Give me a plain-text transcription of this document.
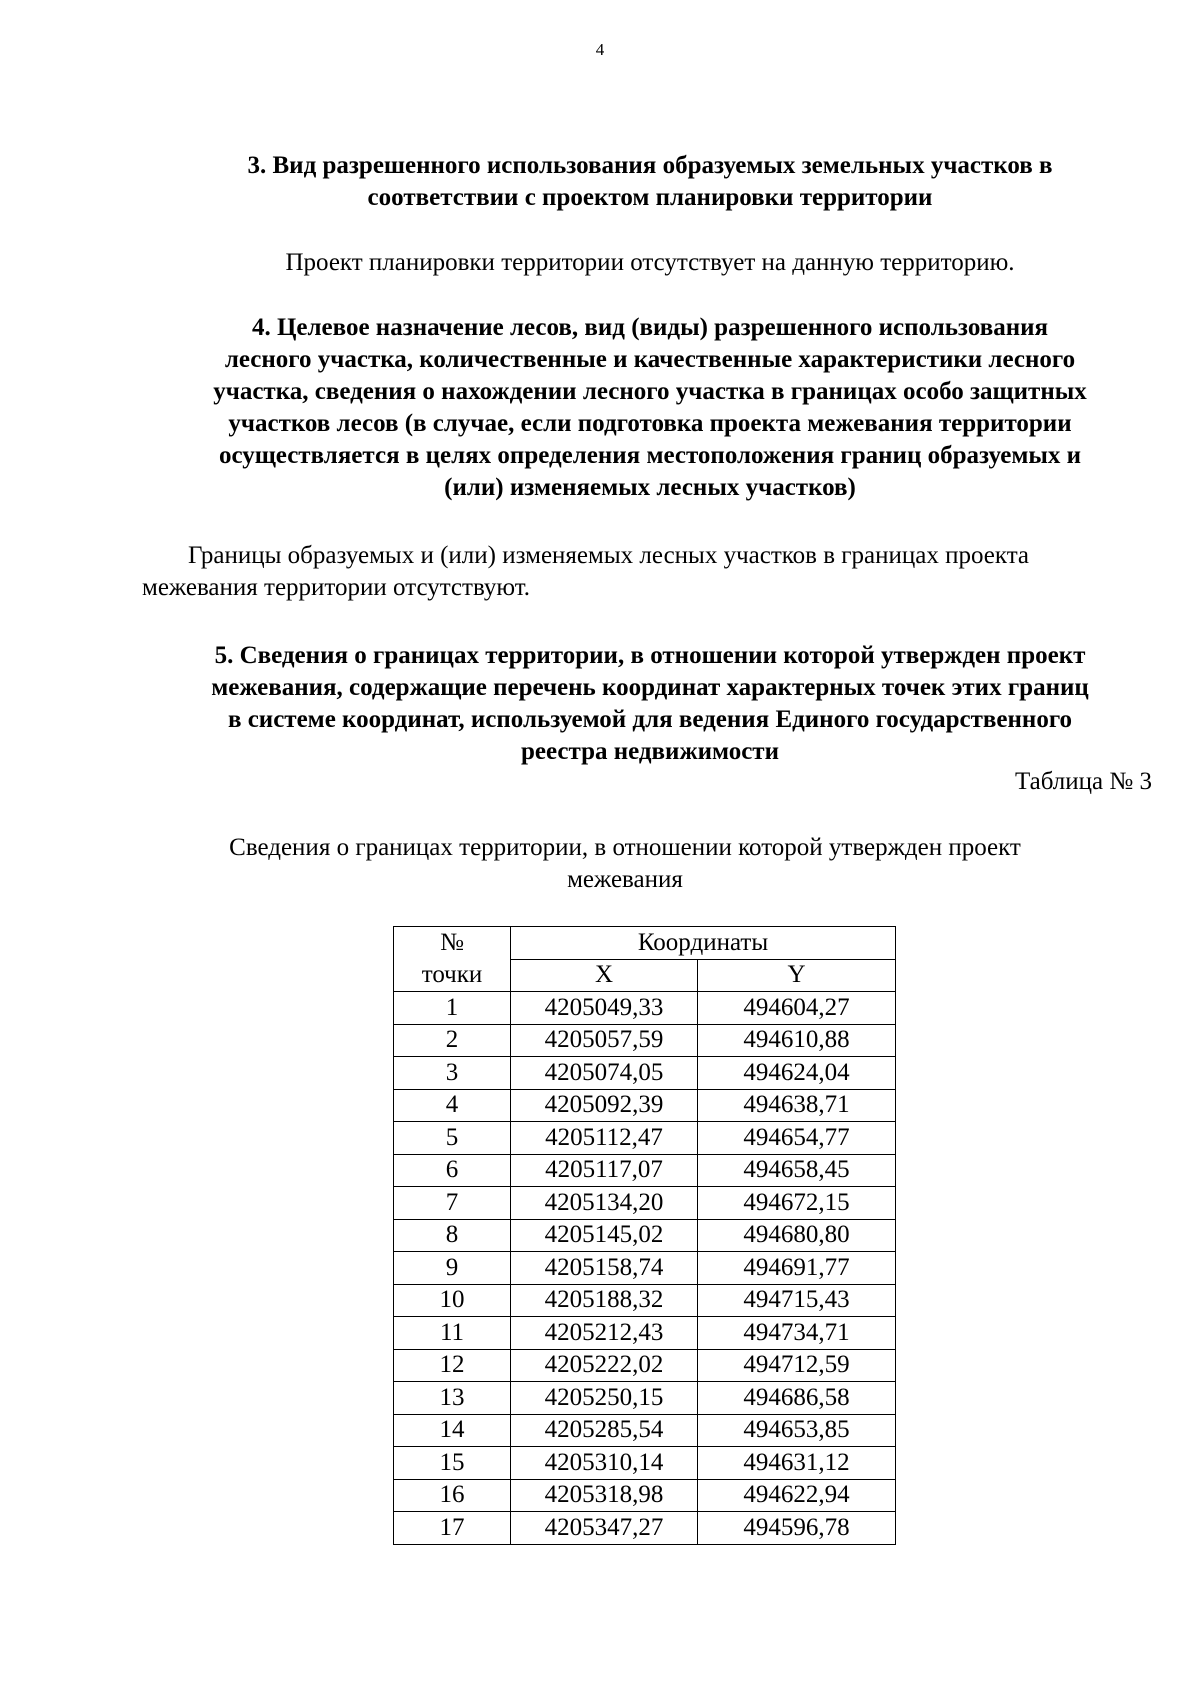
4
3. Вид разрешенного использования образуемых земельных участков в
соответствии с проектом планировки территории
Проект планировки территории отсутствует на данную территорию.
4. Целевое назначение лесов, вид (виды) разрешенного использования
лесного участка, количественные и качественные характеристики лесного
участка, сведения о нахождении лесного участка в границах особо защитных
участков лесов (в случае, если подготовка проекта межевания территории
осуществляется в целях определения местоположения границ образуемых и
(или) изменяемых лесных участков)
Границы образуемых и (или) изменяемых лесных участков в границах проекта
межевания территории отсутствуют.
5. Сведения о границах территории, в отношении которой утвержден проект
межевания, содержащие перечень координат характерных точек этих границ
в системе координат, используемой для ведения Единого государственного
реестра недвижимости
Таблица № 3
Сведения о границах территории, в отношении которой утвержден проект
межевания
№	Координаты	
точки	X	Y
1	4205049,33	494604,27
2	4205057,59	494610,88
3	4205074,05	494624,04
4	4205092,39	494638,71
5	4205112,47	494654,77
6	4205117,07	494658,45
7	4205134,20	494672,15
8	4205145,02	494680,80
9	4205158,74	494691,77
10	4205188,32	494715,43
11	4205212,43	494734,71
12	4205222,02	494712,59
13	4205250,15	494686,58
14	4205285,54	494653,85
15	4205310,14	494631,12
16	4205318,98	494622,94
17	4205347,27	494596,78
